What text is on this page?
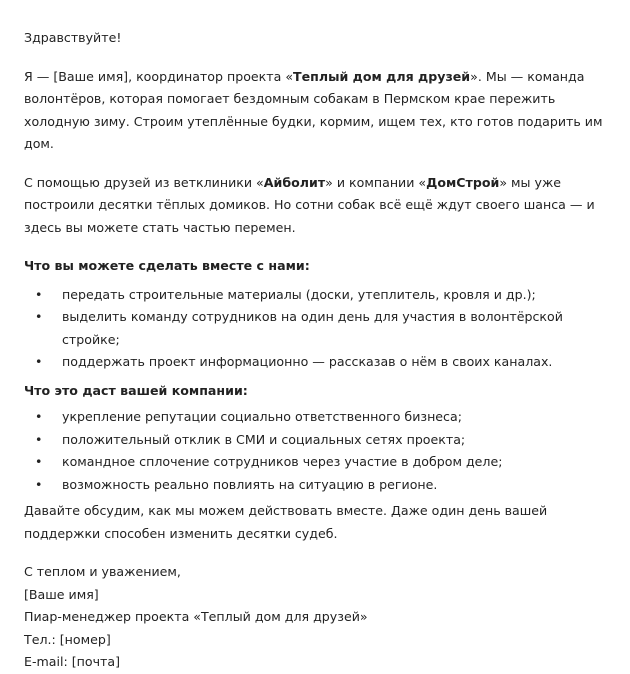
Здравствуйте!

Я — [Ваше имя], координатор проекта «Теплый дом для друзей». Мы — команда волонтёров, которая помогает бездомным собакам в Пермском крае пережить холодную зиму. Строим утеплённые будки, кормим, ищем тех, кто готов подарить им дом.

С помощью друзей из ветклиники «Айболит» и компании «ДомСтрой» мы уже построили десятки тёплых домиков. Но сотни собак всё ещё ждут своего шанса — и здесь вы можете стать частью перемен.

Что вы можете сделать вместе с нами:

• передать строительные материалы (доски, утеплитель, кровля и др.);
• выделить команду сотрудников на один день для участия в волонтёрской стройке;
• поддержать проект информационно — рассказав о нём в своих каналах.

Что это даст вашей компании:

• укрепление репутации социально ответственного бизнеса;
• положительный отклик в СМИ и социальных сетях проекта;
• командное сплочение сотрудников через участие в добром деле;
• возможность реально повлиять на ситуацию в регионе.

Давайте обсудим, как мы можем действовать вместе. Даже один день вашей поддержки способен изменить десятки судеб.

С теплом и уважением,
[Ваше имя]
Пиар-менеджер проекта «Теплый дом для друзей»
Тел.: [номер]
E-mail: [почта]
